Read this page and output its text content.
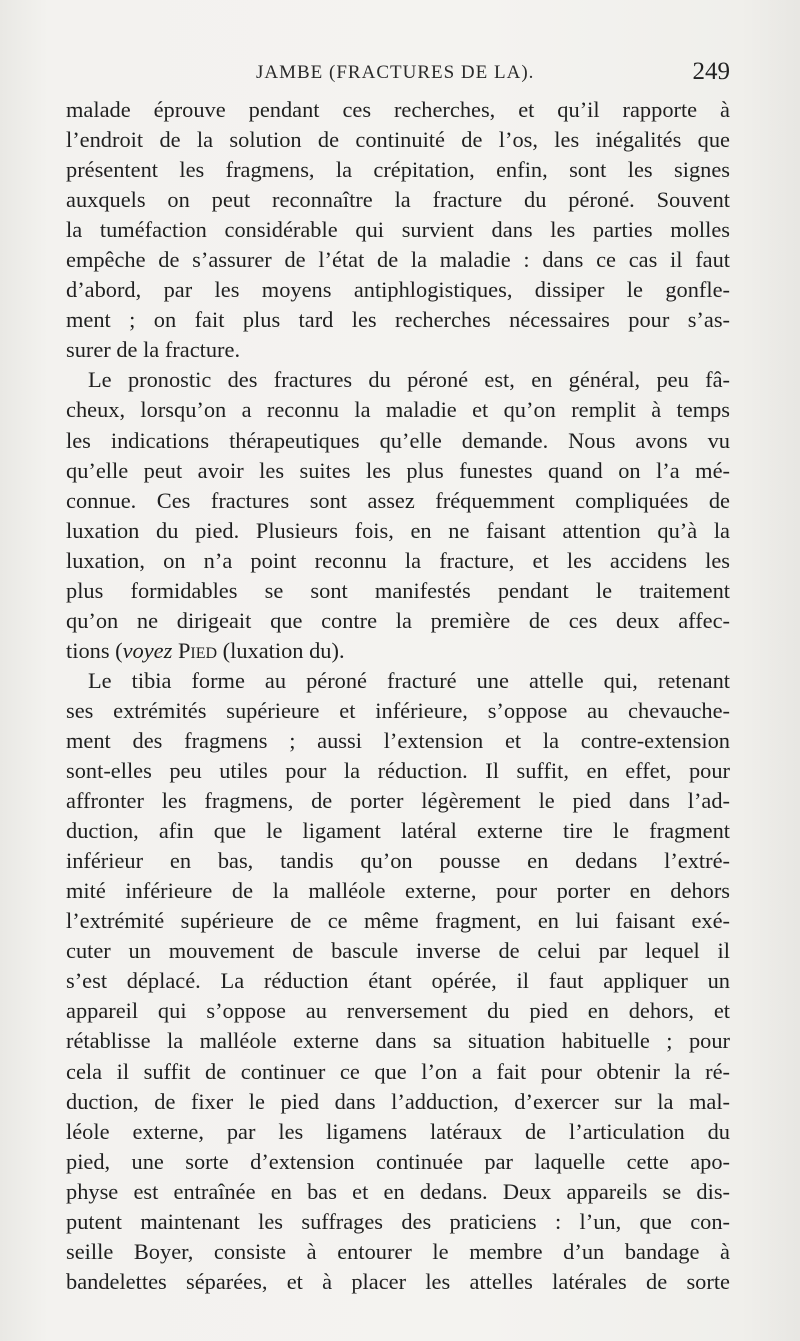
JAMBE (FRACTURES DE LA).	249
malade éprouve pendant ces recherches, et qu’il rapporte à
l’endroit de la solution de continuité de l’os, les inégalités que
présentent les fragmens, la crépitation, enfin, sont les signes
auxquels on peut reconnaître la fracture du péroné. Souvent
la tuméfaction considérable qui survient dans les parties molles
empêche de s’assurer de l’état de la maladie : dans ce cas il faut
d’abord, par les moyens antiphlogistiques, dissiper le gonfle-
ment ; on fait plus tard les recherches nécessaires pour s’as-
surer de la fracture.
Le pronostic des fractures du péroné est, en général, peu fâ-
cheux, lorsqu’on a reconnu la maladie et qu’on remplit à temps
les indications thérapeutiques qu’elle demande. Nous avons vu
qu’elle peut avoir les suites les plus funestes quand on l’a mé-
connue. Ces fractures sont assez fréquemment compliquées de
luxation du pied. Plusieurs fois, en ne faisant attention qu’à la
luxation, on n’a point reconnu la fracture, et les accidens les
plus formidables se sont manifestés pendant le traitement
qu’on ne dirigeait que contre la première de ces deux affec-
tions (voyez Pied (luxation du).
Le tibia forme au péroné fracturé une attelle qui, retenant
ses extrémités supérieure et inférieure, s’oppose au chevauche-
ment des fragmens ; aussi l’extension et la contre-extension
sont-elles peu utiles pour la réduction. Il suffit, en effet, pour
affronter les fragmens, de porter légèrement le pied dans l’ad-
duction, afin que le ligament latéral externe tire le fragment
inférieur en bas, tandis qu’on pousse en dedans l’extré-
mité inférieure de la malléole externe, pour porter en dehors
l’extrémité supérieure de ce même fragment, en lui faisant exé-
cuter un mouvement de bascule inverse de celui par lequel il
s’est déplacé. La réduction étant opérée, il faut appliquer un
appareil qui s’oppose au renversement du pied en dehors, et
rétablisse la malléole externe dans sa situation habituelle ; pour
cela il suffit de continuer ce que l’on a fait pour obtenir la ré-
duction, de fixer le pied dans l’adduction, d’exercer sur la mal-
léole externe, par les ligamens latéraux de l’articulation du
pied, une sorte d’extension continuée par laquelle cette apo-
physe est entraînée en bas et en dedans. Deux appareils se dis-
putent maintenant les suffrages des praticiens : l’un, que con-
seille Boyer, consiste à entourer le membre d’un bandage à
bandelettes séparées, et à placer les attelles latérales de sorte
